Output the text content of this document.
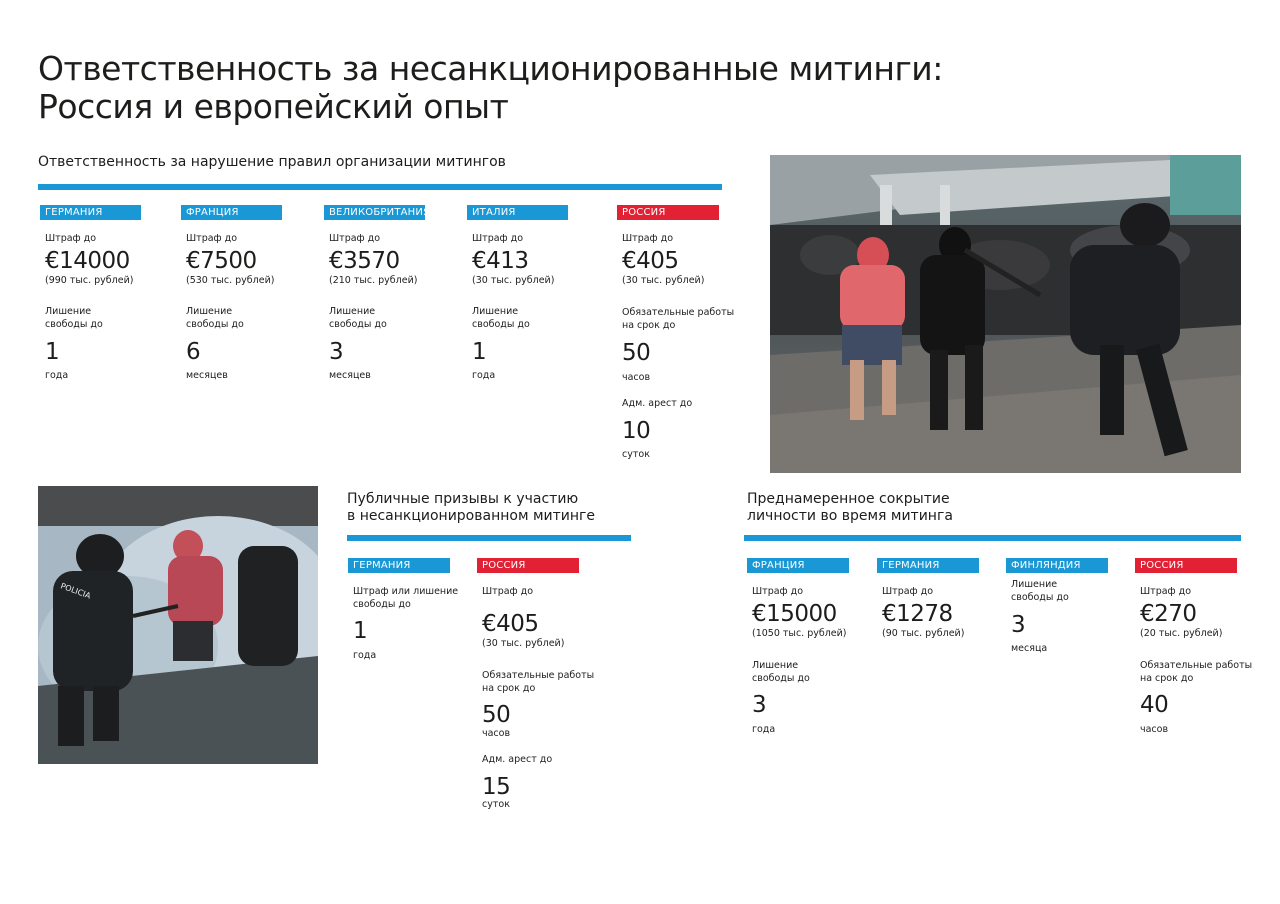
Ответственность за несанкционированные митинги:
Россия и европейский опыт
Ответственность за нарушение правил организации митингов
ГЕРМАНИЯ
Штраф до
€14000
(990 тыс. рублей)
Лишение
свободы до
1
года
ФРАНЦИЯ
Штраф до
€7500
(530 тыс. рублей)
Лишение
свободы до
6
месяцев
ВЕЛИКОБРИТАНИЯ
Штраф до
€3570
(210 тыс. рублей)
Лишение
свободы до
3
месяцев
ИТАЛИЯ
Штраф до
€413
(30 тыс. рублей)
Лишение
свободы до
1
года
РОССИЯ
Штраф до
€405
(30 тыс. рублей)
Обязательные работы
на срок до
50
часов
Адм. арест до
10
суток
POLICIA
Публичные призывы к участию
в несанкционированном митинге
ГЕРМАНИЯ
Штраф или лишение
свободы до
1
года
РОССИЯ
Штраф до
€405
(30 тыс. рублей)
Обязательные работы
на срок до
50
часов
Адм. арест до
15
суток
Преднамеренное сокрытие
личности во время митинга
ФРАНЦИЯ
Штраф до
€15000
(1050 тыс. рублей)
Лишение
свободы до
3
года
ГЕРМАНИЯ
Штраф до
€1278
(90 тыс. рублей)
ФИНЛЯНДИЯ
Лишение
свободы до
3
месяца
РОССИЯ
Штраф до
€270
(20 тыс. рублей)
Обязательные работы
на срок до
40
часов
